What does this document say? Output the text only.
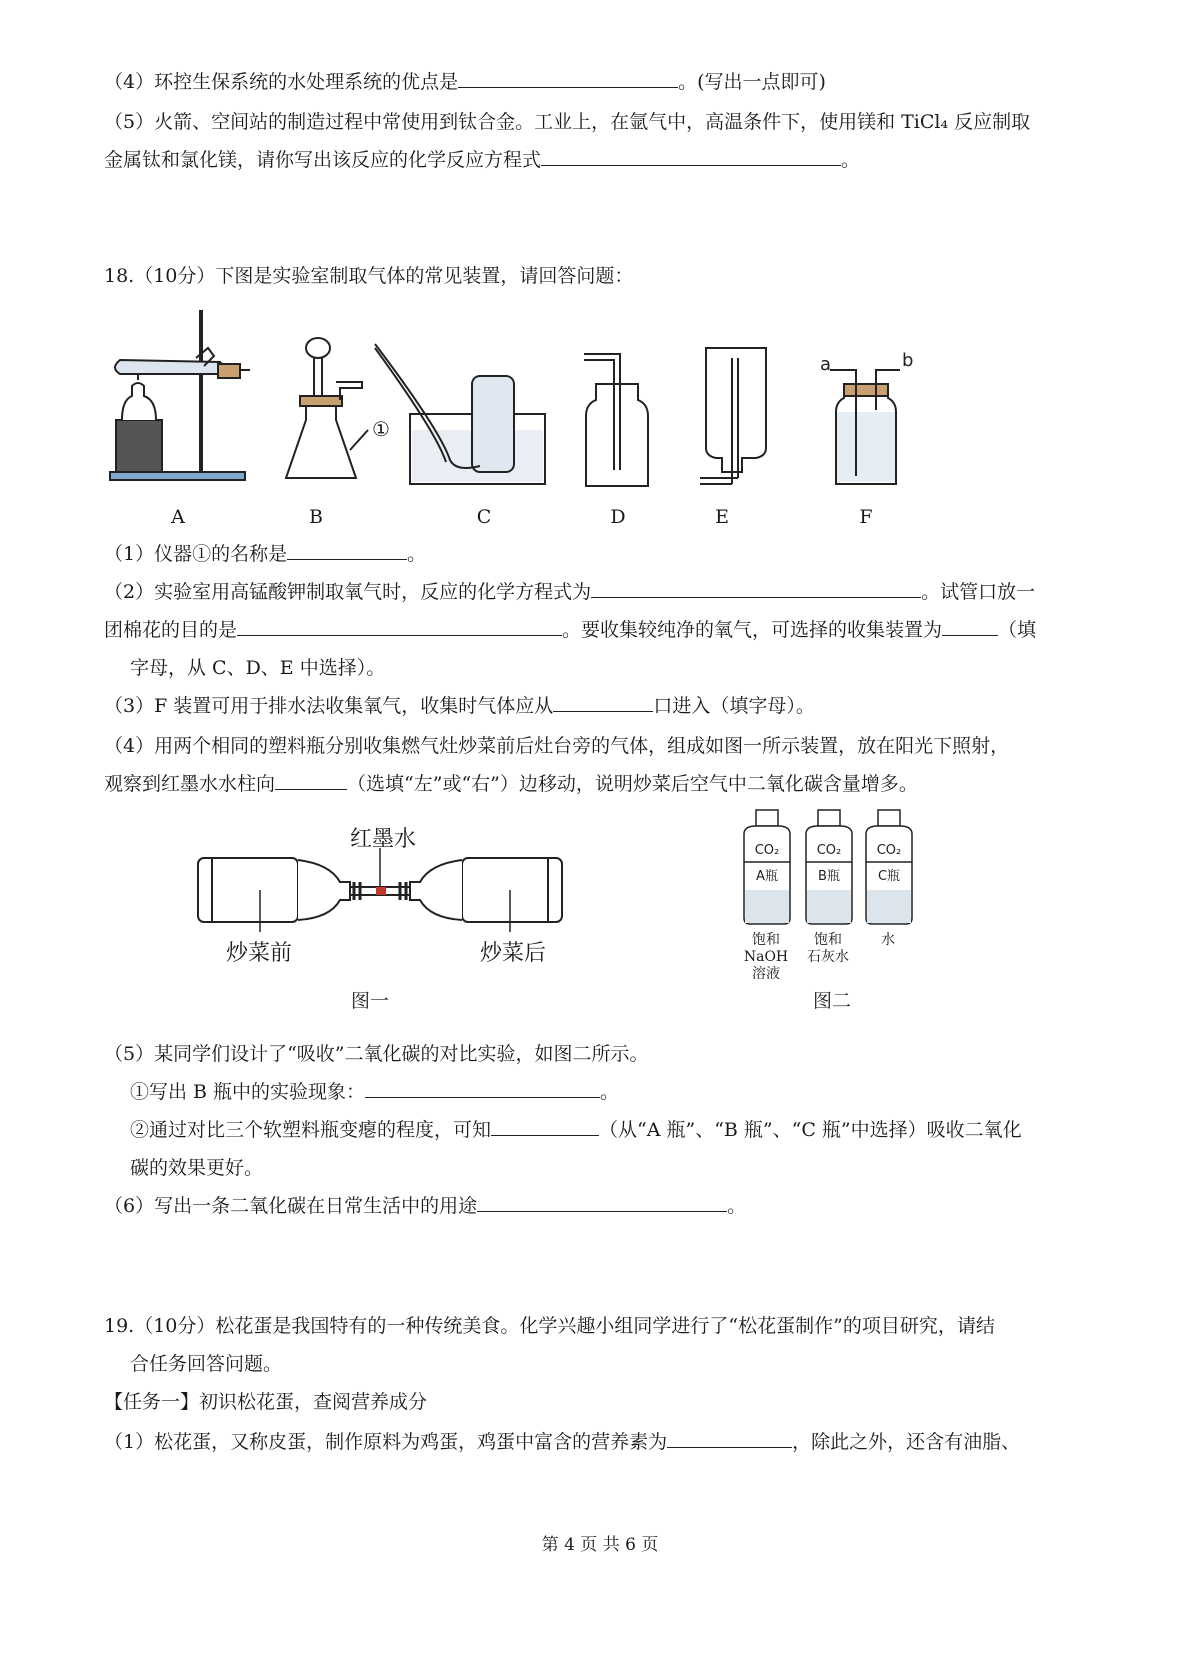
（4）环控生保系统的水处理系统的优点是	。(写出一点即可)
（5）火箭、空间站的制造过程中常使用到钛合金。工业上，在氩气中，高温条件下，使用镁和 TiCl₄ 反应制取
金属钛和氯化镁，请你写出该反应的化学反应方程式	。
18.（10分）下图是实验室制取气体的常见装置，请回答问题：
①
a	b
A	B	C	D	E	F
（1）仪器①的名称是	。
（2）实验室用高锰酸钾制取氧气时，反应的化学方程式为	。试管口放一
团棉花的目的是	。要收集较纯净的氧气，可选择的收集装置为	（填
字母，从 C、D、E 中选择）。
（3）F 装置可用于排水法收集氧气，收集时气体应从	口进入（填字母）。
（4）用两个相同的塑料瓶分别收集燃气灶炒菜前后灶台旁的气体，组成如图一所示装置，放在阳光下照射，
观察到红墨水水柱向	（选填“左”或“右”）边移动，说明炒菜后空气中二氧化碳含量增多。
红墨水
炒菜前	炒菜后
图一
CO₂
A瓶
CO₂
B瓶
CO₂
C瓶
饱和
NaOH
溶液
饱和
石灰水
水
图二
（5）某同学们设计了“吸收”二氧化碳的对比实验，如图二所示。
①写出 B 瓶中的实验现象：	。
②通过对比三个软塑料瓶变瘪的程度，可知	（从“A 瓶”、“B 瓶”、“C 瓶”中选择）吸收二氧化
碳的效果更好。
（6）写出一条二氧化碳在日常生活中的用途	。
19.（10分）松花蛋是我国特有的一种传统美食。化学兴趣小组同学进行了“松花蛋制作”的项目研究，请结
合任务回答问题。
【任务一】初识松花蛋，查阅营养成分
（1）松花蛋，又称皮蛋，制作原料为鸡蛋，鸡蛋中富含的营养素为	，除此之外，还含有油脂、
第 4 页 共 6 页
